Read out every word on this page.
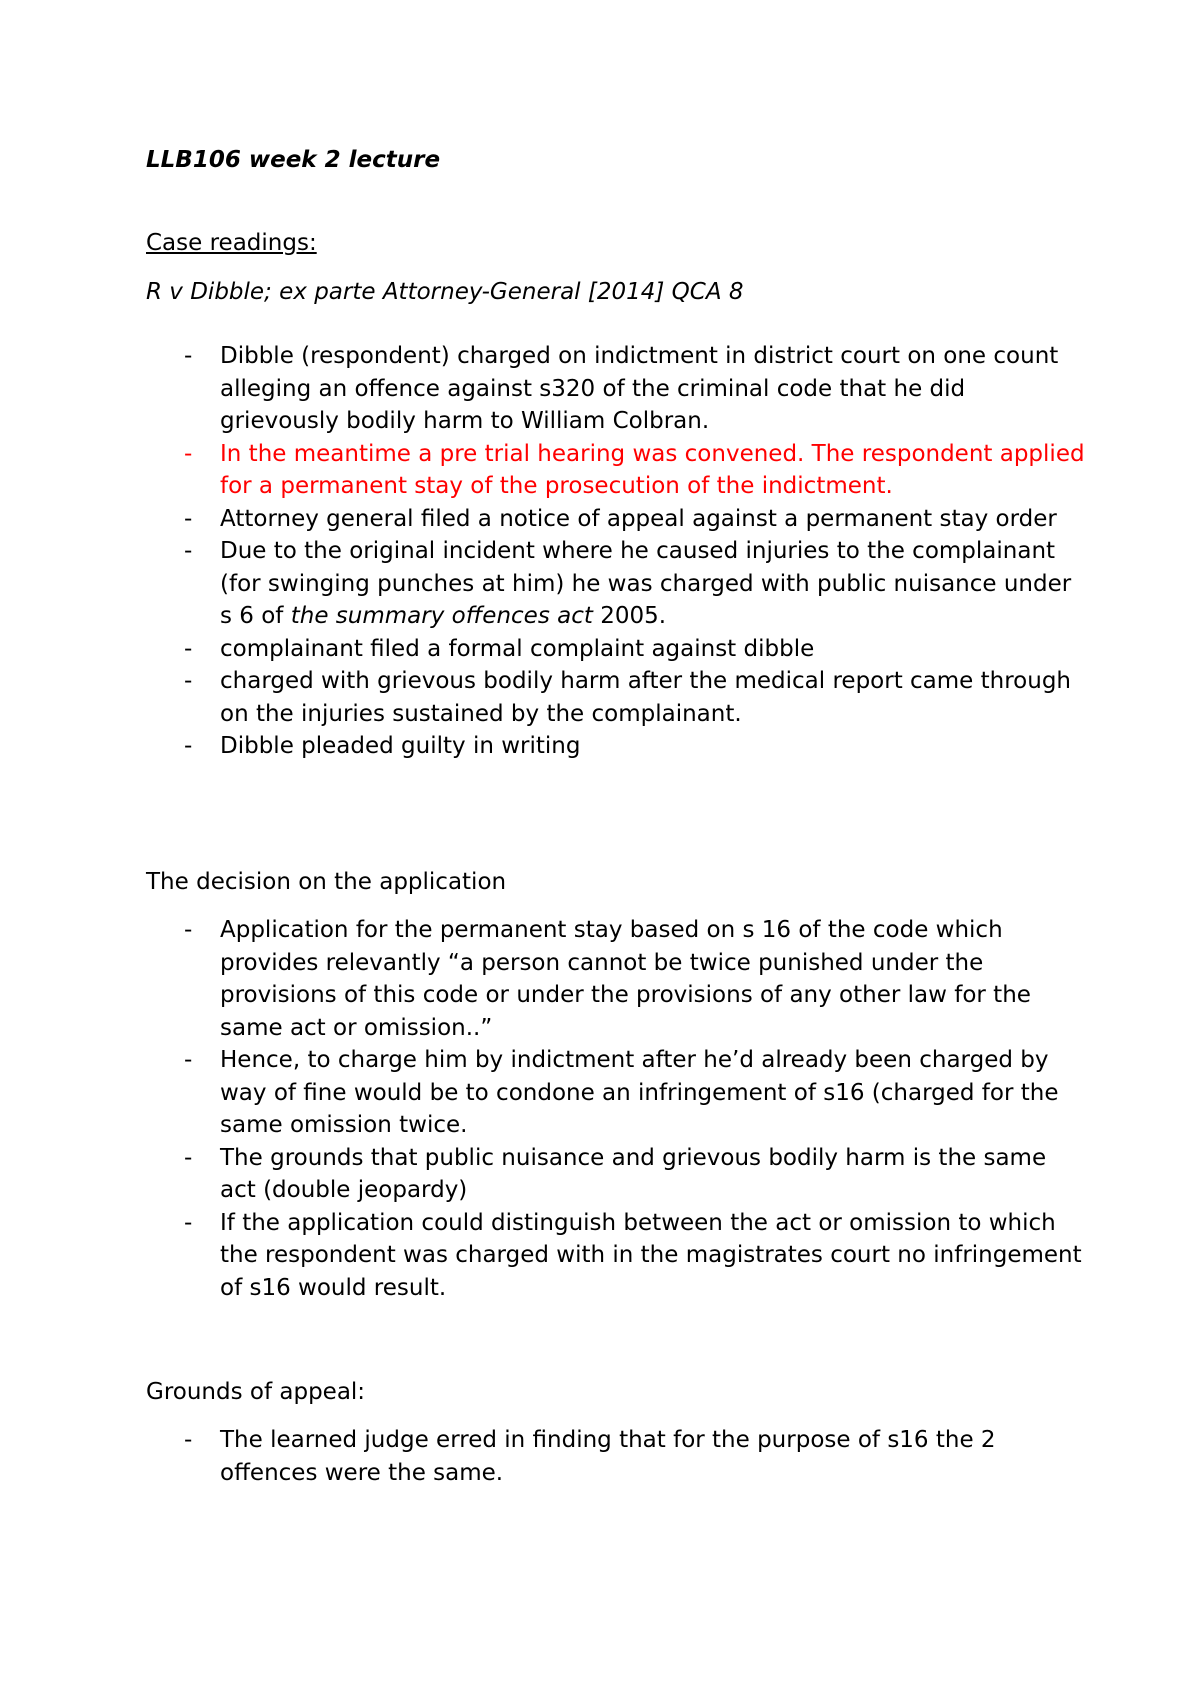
LLB106 week 2 lecture
Case readings:
R v Dibble; ex parte Attorney-General [2014] QCA 8
- Dibble (respondent) charged on indictment in district court on one count alleging an offence against s320 of the criminal code that he did grievously bodily harm to William Colbran.
- In the meantime a pre trial hearing was convened. The respondent applied for a permanent stay of the prosecution of the indictment.
- Attorney general filed a notice of appeal against a permanent stay order
- Due to the original incident where he caused injuries to the complainant (for swinging punches at him) he was charged with public nuisance under s 6 of the summary offences act 2005.
- complainant filed a formal complaint against dibble
- charged with grievous bodily harm after the medical report came through on the injuries sustained by the complainant.
- Dibble pleaded guilty in writing
The decision on the application
- Application for the permanent stay based on s 16 of the code which provides relevantly “a person cannot be twice punished under the provisions of this code or under the provisions of any other law for the same act or omission..”
- Hence, to charge him by indictment after he’d already been charged by way of fine would be to condone an infringement of s16 (charged for the same omission twice.
- The grounds that public nuisance and grievous bodily harm is the same act (double jeopardy)
- If the application could distinguish between the act or omission to which the respondent was charged with in the magistrates court no infringement of s16 would result.
Grounds of appeal:
- The learned judge erred in finding that for the purpose of s16 the 2 offences were the same.
